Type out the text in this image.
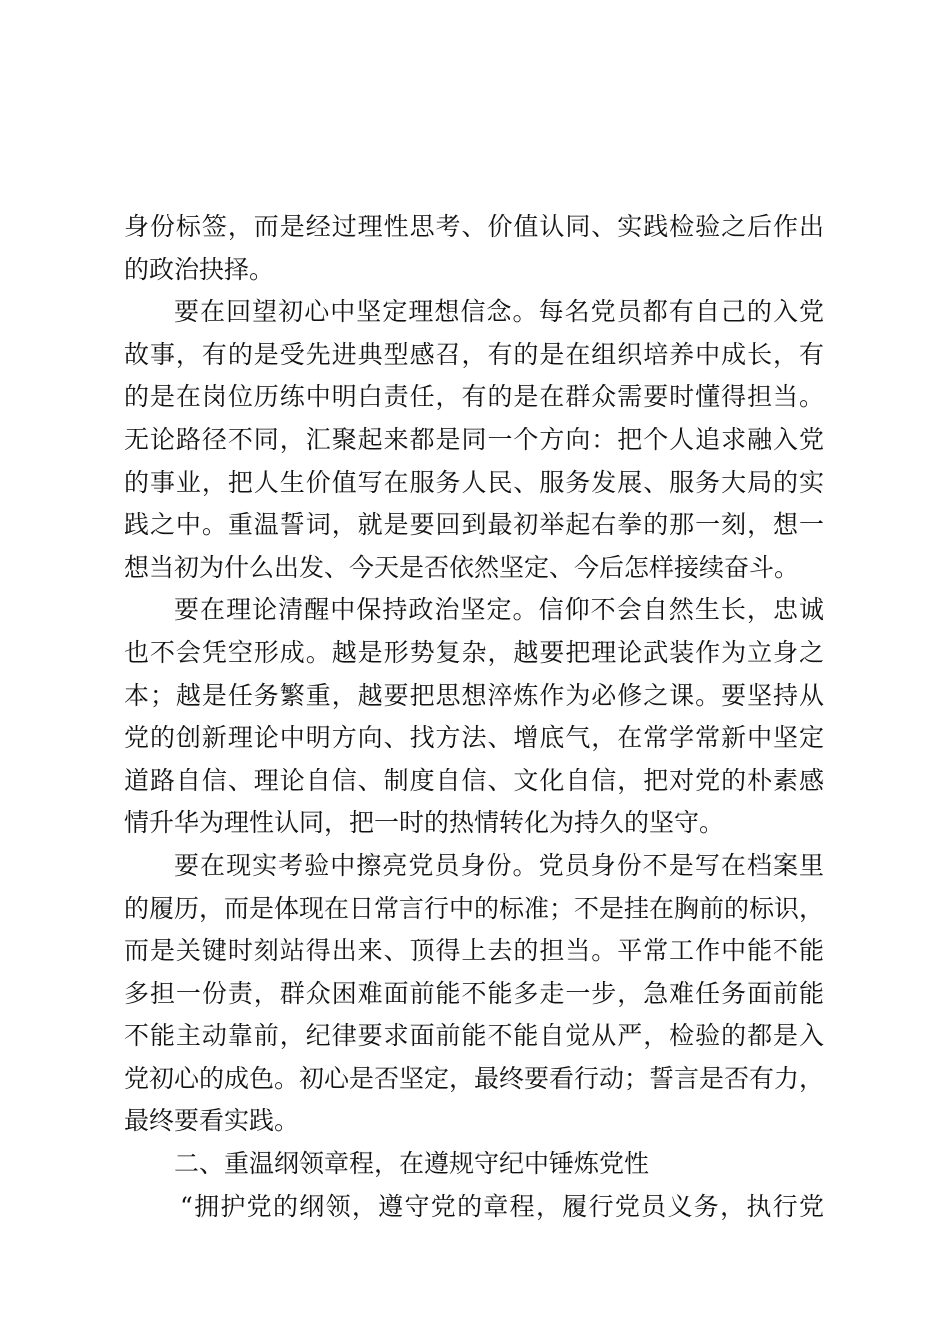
身份标签，而是经过理性思考、价值认同、实践检验之后作出
的政治抉择。
要在回望初心中坚定理想信念。每名党员都有自己的入党
故事，有的是受先进典型感召，有的是在组织培养中成长，有
的是在岗位历练中明白责任，有的是在群众需要时懂得担当。
无论路径不同，汇聚起来都是同一个方向：把个人追求融入党
的事业，把人生价值写在服务人民、服务发展、服务大局的实
践之中。重温誓词，就是要回到最初举起右拳的那一刻，想一
想当初为什么出发、今天是否依然坚定、今后怎样接续奋斗。
要在理论清醒中保持政治坚定。信仰不会自然生长，忠诚
也不会凭空形成。越是形势复杂，越要把理论武装作为立身之
本；越是任务繁重，越要把思想淬炼作为必修之课。要坚持从
党的创新理论中明方向、找方法、增底气，在常学常新中坚定
道路自信、理论自信、制度自信、文化自信，把对党的朴素感
情升华为理性认同，把一时的热情转化为持久的坚守。
要在现实考验中擦亮党员身份。党员身份不是写在档案里
的履历，而是体现在日常言行中的标准；不是挂在胸前的标识，
而是关键时刻站得出来、顶得上去的担当。平常工作中能不能
多担一份责，群众困难面前能不能多走一步，急难任务面前能
不能主动靠前，纪律要求面前能不能自觉从严，检验的都是入
党初心的成色。初心是否坚定，最终要看行动；誓言是否有力，
最终要看实践。
二、重温纲领章程，在遵规守纪中锤炼党性
“拥护党的纲领，遵守党的章程，履行党员义务，执行党
